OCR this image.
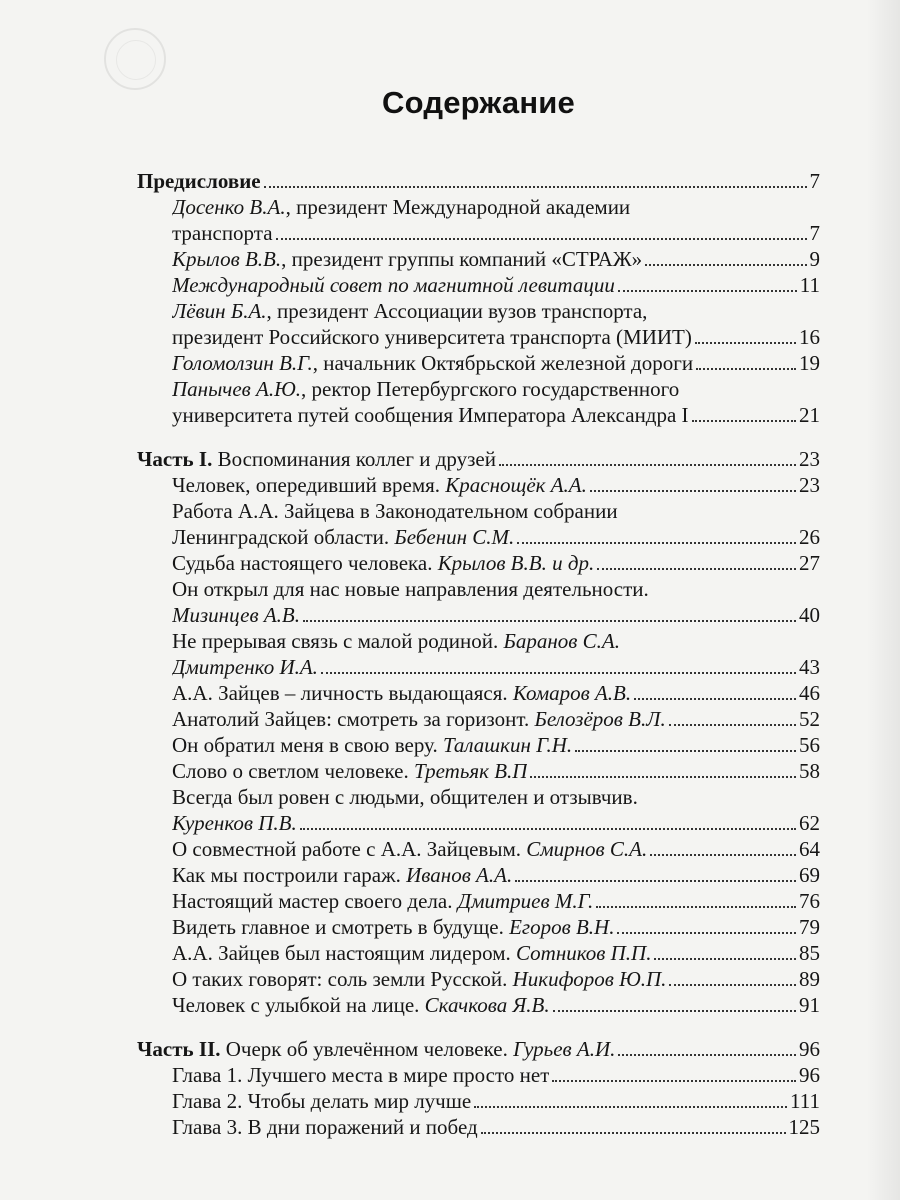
Содержание
Предисловие	7
Досенко В.А., президент Международной академии
транспорта	7
Крылов В.В., президент группы компаний «СТРАЖ»	9
Международный совет по магнитной левитации	11
Лёвин Б.А., президент Ассоциации вузов транспорта,
президент Российского университета транспорта (МИИТ)	16
Голомолзин В.Г., начальник Октябрьской железной дороги	19
Панычев А.Ю., ректор Петербургского государственного
университета путей сообщения Императора Александра I	21
Часть I. Воспоминания коллег и друзей	23
Человек, опередивший время. Краснощёк А.А.	23
Работа А.А. Зайцева в Законодательном собрании
Ленинградской области. Бебенин С.М.	26
Судьба настоящего человека. Крылов В.В. и др.	27
Он открыл для нас новые направления деятельности.
Мизинцев А.В.	40
Не прерывая связь с малой родиной. Баранов С.А.
Дмитренко И.А.	43
А.А. Зайцев – личность выдающаяся. Комаров А.В.	46
Анатолий Зайцев: смотреть за горизонт. Белозёров В.Л.	52
Он обратил меня в свою веру. Талашкин Г.Н.	56
Слово о светлом человеке. Третьяк В.П	58
Всегда был ровен с людьми, общителен и отзывчив.
Куренков П.В.	62
О совместной работе с А.А. Зайцевым. Смирнов С.А.	64
Как мы построили гараж. Иванов А.А.	69
Настоящий мастер своего дела. Дмитриев М.Г.	76
Видеть главное и смотреть в будуще. Егоров В.Н.	79
А.А. Зайцев был настоящим лидером. Сотников П.П.	85
О таких говорят: соль земли Русской. Никифоров Ю.П.	89
Человек с улыбкой на лице. Скачкова Я.В.	91
Часть II. Очерк об увлечённом человеке. Гурьев А.И.	96
Глава 1. Лучшего места в мире просто нет	96
Глава 2. Чтобы делать мир лучше	111
Глава 3. В дни поражений и побед	125
